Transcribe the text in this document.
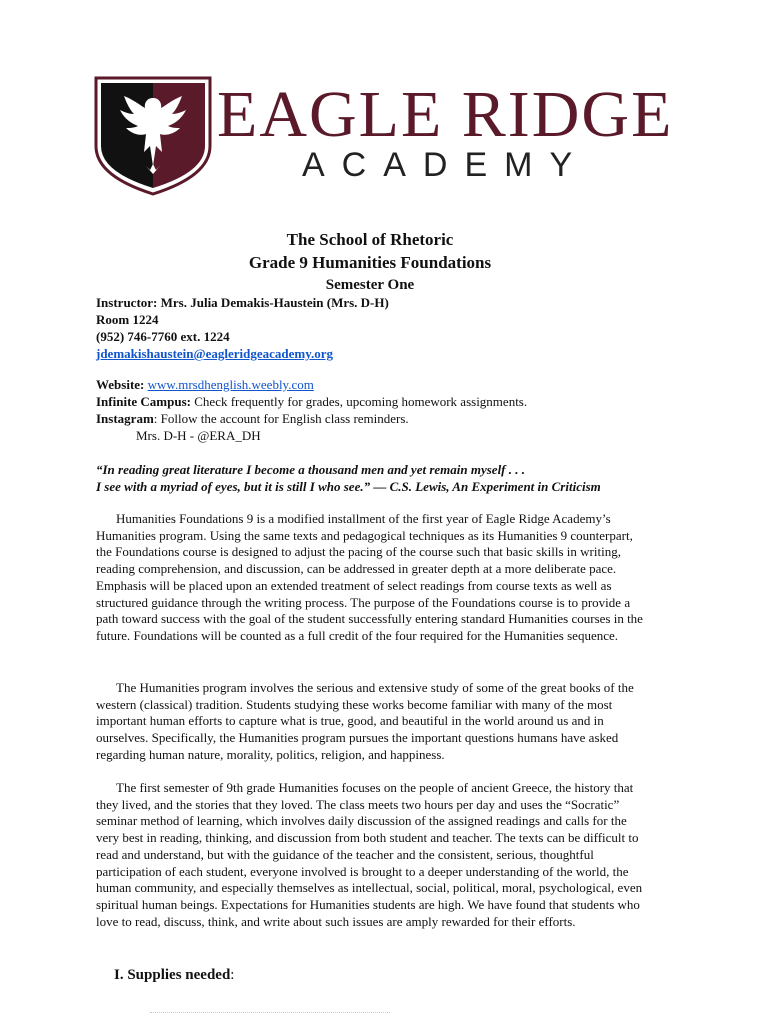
EAGLE RIDGE
ACADEMY
The School of Rhetoric
Grade 9 Humanities Foundations
Semester One
Instructor: Mrs. Julia Demakis-Haustein (Mrs. D-H)
Room 1224
(952) 746-7760 ext. 1224
jdemakishaustein@eagleridgeacademy.org
Website: www.mrsdhenglish.weebly.com
Infinite Campus: Check frequently for grades, upcoming homework assignments.
Instagram: Follow the account for English class reminders.
Mrs. D-H - @ERA_DH
“In reading great literature I become a thousand men and yet remain myself . . .
I see with a myriad of eyes, but it is still I who see.” — C.S. Lewis, An Experiment in Criticism
Humanities Foundations 9 is a modified installment of the first year of Eagle Ridge Academy’s Humanities program. Using the same texts and pedagogical techniques as its Humanities 9 counterpart, the Foundations course is designed to adjust the pacing of the course such that basic skills in writing, reading comprehension, and discussion, can be addressed in greater depth at a more deliberate pace. Emphasis will be placed upon an extended treatment of select readings from course texts as well as structured guidance through the writing process. The purpose of the Foundations course is to provide a path toward success with the goal of the student successfully entering standard Humanities courses in the future. Foundations will be counted as a full credit of the four required for the Humanities sequence.
The Humanities program involves the serious and extensive study of some of the great books of the western (classical) tradition. Students studying these works become familiar with many of the most important human efforts to capture what is true, good, and beautiful in the world around us and in ourselves. Specifically, the Humanities program pursues the important questions humans have asked regarding human nature, morality, politics, religion, and happiness.
The first semester of 9th grade Humanities focuses on the people of ancient Greece, the history that they lived, and the stories that they loved. The class meets two hours per day and uses the “Socratic” seminar method of learning, which involves daily discussion of the assigned readings and calls for the very best in reading, thinking, and discussion from both student and teacher. The texts can be difficult to read and understand, but with the guidance of the teacher and the consistent, serious, thoughtful participation of each student, everyone involved is brought to a deeper understanding of the world, the human community, and especially themselves as intellectual, social, political, moral, psychological, even spiritual human beings. Expectations for Humanities students are high. We have found that students who love to read, discuss, think, and write about such issues are amply rewarded for their efforts.
I. Supplies needed:
